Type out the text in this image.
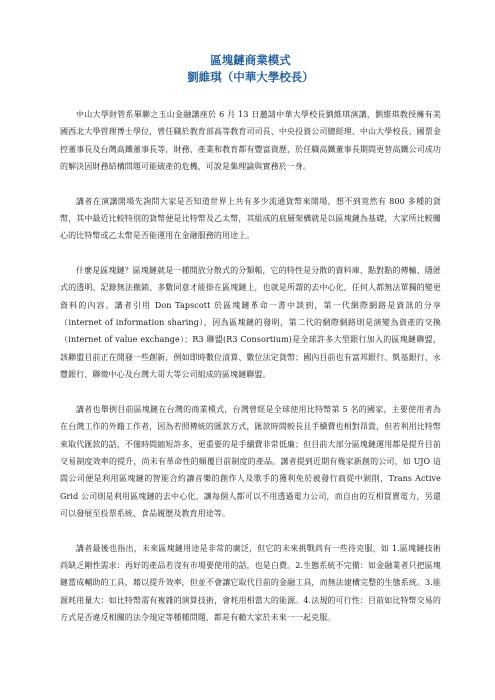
區塊鏈商業模式
劉維琪（中華大學校長）

中山大學財管系畢聯之玉山金融講座於 6 月 13 日邀請中華大學校長劉維琪演講，劉維琪教授擁有美國西北大學管理博士學位，曾任職於教育部高等教育司司長、中央投資公司總經理、中山大學校長、國票金控董事長及台灣高鐵董事長等，財務、產業和教育都有豐富資歷，於任職高鐵董事長期間更替高鐵公司成功的解決因財務結構問題可能破產的危機，可說是集理論與實務於一身。

講者在演講開場先詢問大家是否知道世界上共有多少流通貨幣來開場，想不到竟然有 800 多種的貨幣，其中最近比較特別的貨幣便是比特幣及乙太幣，其組成的底層架構就是以區塊鏈為基礎，大家所比較關心的比特幣或乙太幣是否能運用在金融服務的用途上。

什麼是區塊鏈？區塊鏈就是一種開放分散式的分類帳，它的特性是分散的資料庫、點對點的傳輸、隱匿式的透明、記錄無法撤銷、多數同意才能掛在區塊鏈上，也就是所謂的去中心化，任何人都無法單獨的變更資料的內容。講者引用 Don Tapscott 於區塊鏈革命一書中談到，第一代網際網路是資訊的分享（internet of information sharing），因為區塊鏈的發明，第二代的網際網路則是演變為資產的交換（internet of value exchange）；R3 聯盟(R3 Consortium)是全球許多大型銀行加入的區塊鏈聯盟，該聯盟目前正在開發一些創新，例如即時數位清算、數位法定貨幣；國內目前也有富邦銀行、凱基銀行、永豐銀行、聯徵中心及台灣大哥大等公司組成的區塊鏈聯盟。

講者也舉例目前區塊鏈在台灣的商業模式，台灣曾經是全球使用比特幣第 5 名的國家，主要使用者為在台灣工作的外籍工作者，因為若照傳統的匯款方式，匯款時間較長且手續費也相對昂貴，但若利用比特幣來取代匯款的話，不僅時間縮短許多，更重要的是手續費非常低廉；但目前大部分區塊鏈運用都是提升目前交易制度效率的提升，尚未有革命性的顛覆目前制度的產品。講者提到近期有幾家新創的公司，如 UJO 這間公司便是利用區塊鏈的智能合約讓音樂的創作人及歌手的獲利免於被發行商從中剝削，Trans Active Grid 公司則是利用區塊鏈的去中心化，讓每個人都可以不用透過電力公司，而自由的互相買賣電力，另還可以發展至投票系統、食品履歷及教育用途等。

講者最後也指出，未來區塊鏈用途是非常的廣泛，但它的未來挑戰尚有一些待克服，如 1.區塊鏈技術尚缺乏剛性需求：再好的產品若沒有市場要使用的話，也是白費。2.生態系統不完備：如金融業者只把區塊鏈當成輔助的工具，藉以提升效率，但並不會讓它取代目前的金融工具，而無法建構完整的生態系統。3.能源耗用量大：如比特幣需有複雜的演算技術，會耗用相當大的能源。4.法規的可行性：目前如比特幣交易的方式是否違反相關的法令規定等種種問題，都是有賴大家於未來一一起克服。
